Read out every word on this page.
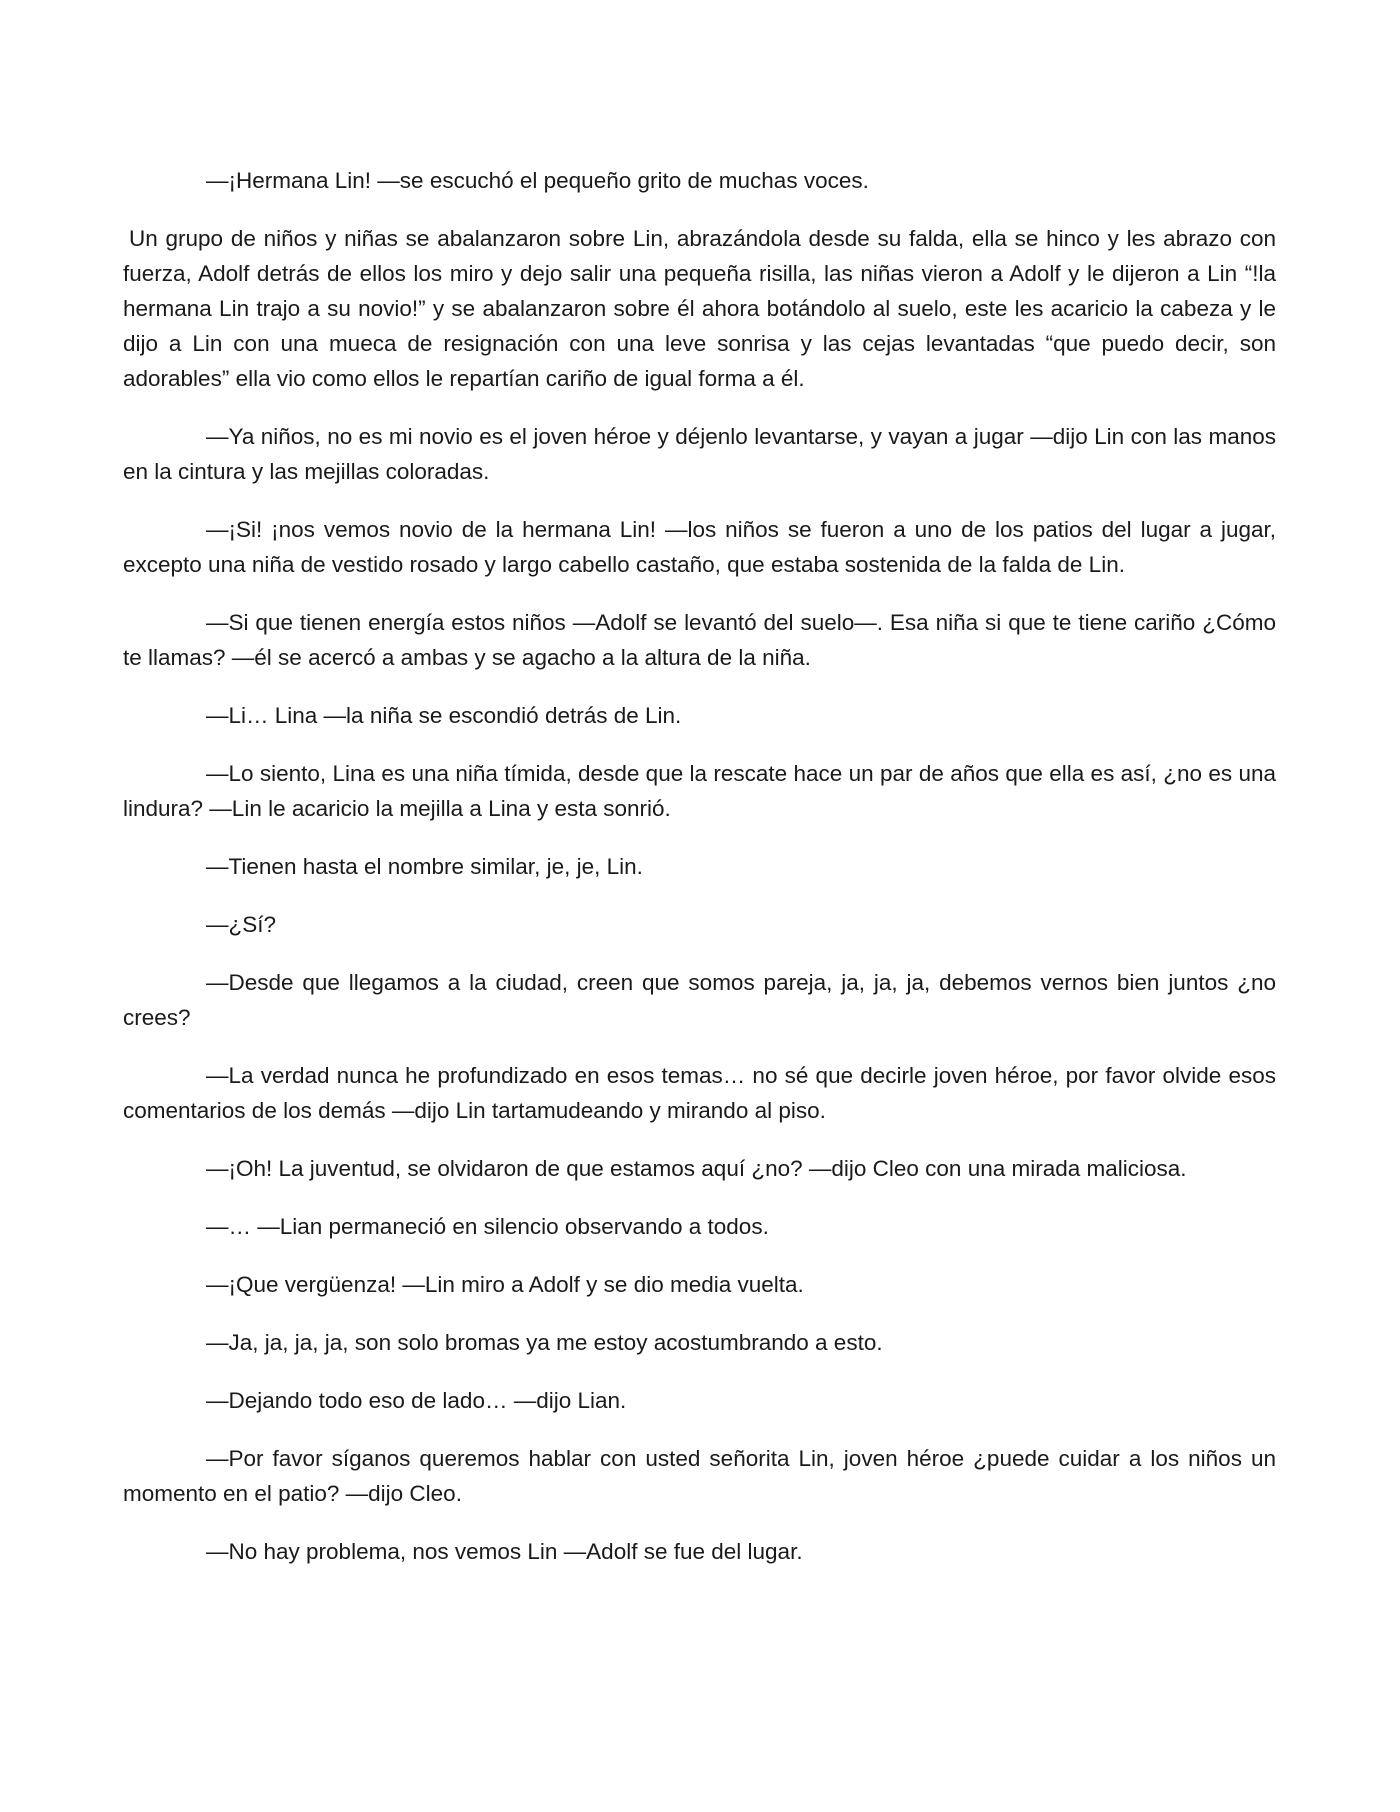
—¡Hermana Lin! —se escuchó el pequeño grito de muchas voces.

Un grupo de niños y niñas se abalanzaron sobre Lin, abrazándola desde su falda, ella se hinco y les abrazo con fuerza, Adolf detrás de ellos los miro y dejo salir una pequeña risilla, las niñas vieron a Adolf y le dijeron a Lin “!la hermana Lin trajo a su novio!” y se abalanzaron sobre él ahora botándolo al suelo, este les acaricio la cabeza y le dijo a Lin con una mueca de resignación con una leve sonrisa y las cejas levantadas “que puedo decir, son adorables” ella vio como ellos le repartían cariño de igual forma a él.

—Ya niños, no es mi novio es el joven héroe y déjenlo levantarse, y vayan a jugar —dijo Lin con las manos en la cintura y las mejillas coloradas.

—¡Si! ¡nos vemos novio de la hermana Lin! —los niños se fueron a uno de los patios del lugar a jugar, excepto una niña de vestido rosado y largo cabello castaño, que estaba sostenida de la falda de Lin.

—Si que tienen energía estos niños —Adolf se levantó del suelo—. Esa niña si que te tiene cariño ¿Cómo te llamas? —él se acercó a ambas y se agacho a la altura de la niña.

—Li… Lina —la niña se escondió detrás de Lin.

—Lo siento, Lina es una niña tímida, desde que la rescate hace un par de años que ella es así, ¿no es una lindura? —Lin le acaricio la mejilla a Lina y esta sonrió.

—Tienen hasta el nombre similar, je, je, Lin.

—¿Sí?

—Desde que llegamos a la ciudad, creen que somos pareja, ja, ja, ja, debemos vernos bien juntos ¿no crees?

—La verdad nunca he profundizado en esos temas… no sé que decirle joven héroe, por favor olvide esos comentarios de los demás —dijo Lin tartamudeando y mirando al piso.

—¡Oh! La juventud, se olvidaron de que estamos aquí ¿no? —dijo Cleo con una mirada maliciosa.

—… —Lian permaneció en silencio observando a todos.

—¡Que vergüenza! —Lin miro a Adolf y se dio media vuelta.

—Ja, ja, ja, ja, son solo bromas ya me estoy acostumbrando a esto.

—Dejando todo eso de lado… —dijo Lian.

—Por favor síganos queremos hablar con usted señorita Lin, joven héroe ¿puede cuidar a los niños un momento en el patio? —dijo Cleo.

—No hay problema, nos vemos Lin —Adolf se fue del lugar.
